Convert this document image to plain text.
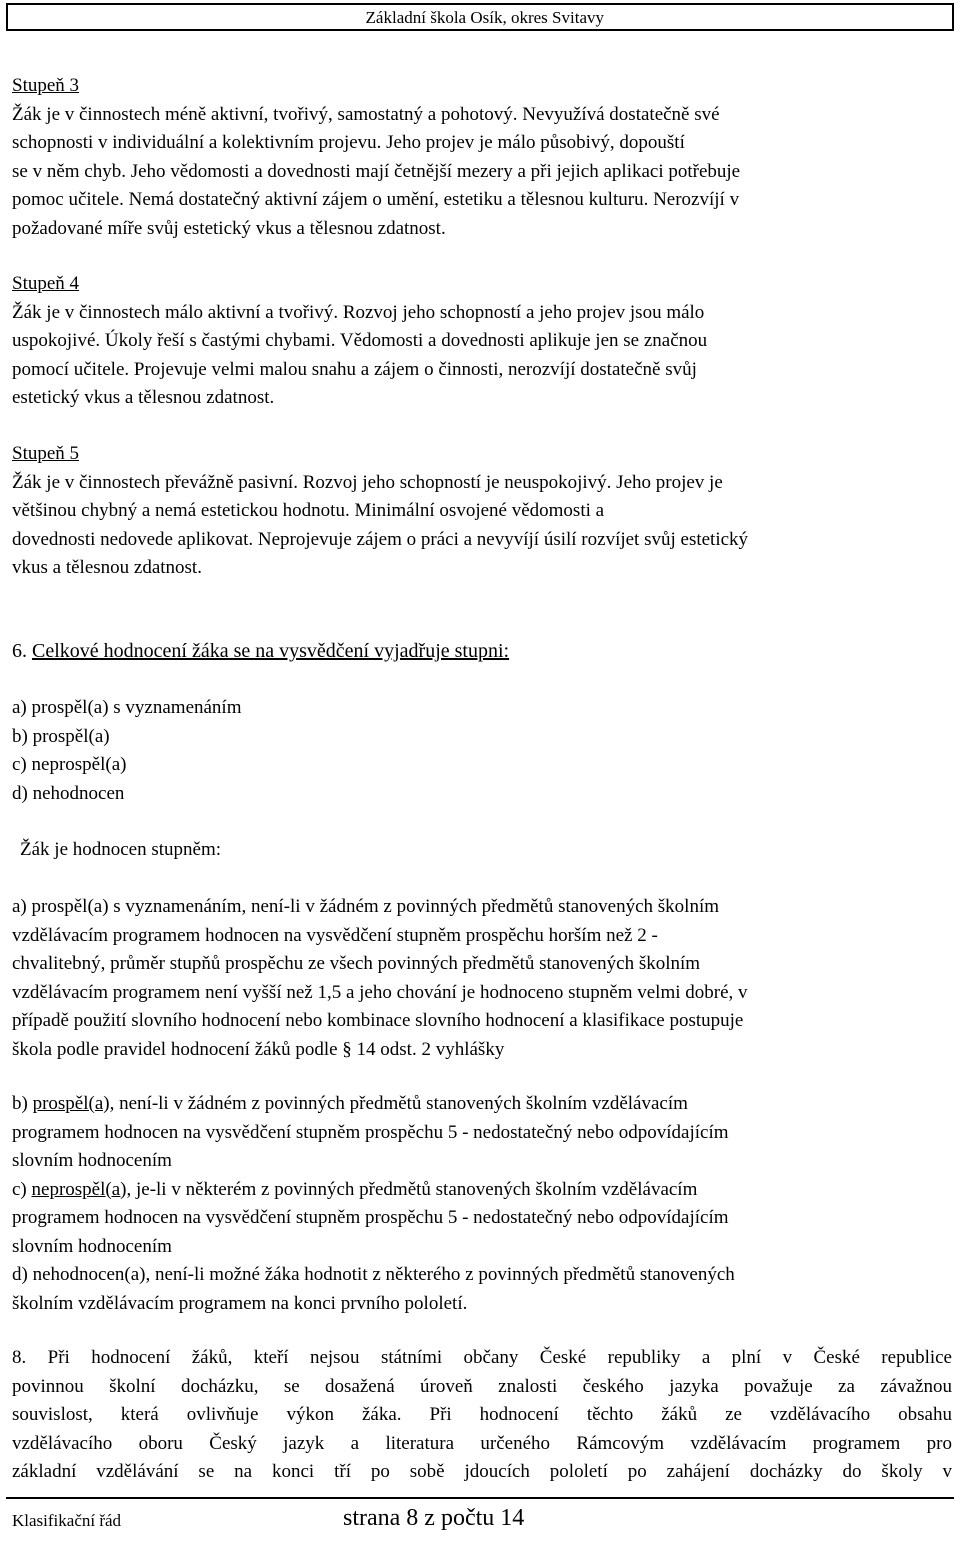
Základní škola Osík, okres Svitavy

Stupeň 3

Žák je v činnostech méně aktivní, tvořivý, samostatný a pohotový. Nevyužívá dostatečně své

schopnosti v individuální a kolektivním projevu. Jeho projev je málo působivý, dopouští

se v něm chyb. Jeho vědomosti a dovednosti mají četnější mezery a při jejich aplikaci potřebuje

pomoc učitele. Nemá dostatečný aktivní zájem o umění, estetiku a tělesnou kulturu. Nerozvíjí v

požadované míře svůj estetický vkus a tělesnou zdatnost.

Stupeň 4

Žák je v činnostech málo aktivní a tvořivý. Rozvoj jeho schopností a jeho projev jsou málo

uspokojivé. Úkoly řeší s častými chybami. Vědomosti a dovednosti aplikuje jen se značnou

pomocí učitele. Projevuje velmi malou snahu a zájem o činnosti, nerozvíjí dostatečně svůj

estetický vkus a tělesnou zdatnost.

Stupeň 5

Žák je v činnostech převážně pasivní. Rozvoj jeho schopností je neuspokojivý. Jeho projev je

většinou chybný a nemá estetickou hodnotu. Minimální osvojené vědomosti a

dovednosti nedovede aplikovat. Neprojevuje zájem o práci a nevyvíjí úsilí rozvíjet svůj estetický

vkus a tělesnou zdatnost.

6. Celkové hodnocení žáka se na vysvědčení vyjadřuje stupni:

a) prospěl(a) s vyznamenáním

b) prospěl(a)

c) neprospěl(a)

d) nehodnocen

Žák je hodnocen stupněm:

a) prospěl(a) s vyznamenáním, není-li v žádném z povinných předmětů stanovených školním

vzdělávacím programem hodnocen na vysvědčení stupněm prospěchu horším než 2 -

chvalitebný, průměr stupňů prospěchu ze všech povinných předmětů stanovených školním

vzdělávacím programem není vyšší než 1,5 a jeho chování je hodnoceno stupněm velmi dobré, v

případě použití slovního hodnocení nebo kombinace slovního hodnocení a klasifikace postupuje

škola podle pravidel hodnocení žáků podle § 14 odst. 2 vyhlášky

b) prospěl(a), není-li v žádném z povinných předmětů stanovených školním vzdělávacím

programem hodnocen na vysvědčení stupněm prospěchu 5 - nedostatečný nebo odpovídajícím

slovním hodnocením

c) neprospěl(a), je-li v některém z povinných předmětů stanovených školním vzdělávacím

programem hodnocen na vysvědčení stupněm prospěchu 5 - nedostatečný nebo odpovídajícím

slovním hodnocením

d) nehodnocen(a), není-li možné žáka hodnotit z některého z povinných předmětů stanovených

školním vzdělávacím programem na konci prvního pololetí.

8. Při hodnocení žáků, kteří nejsou státními občany České republiky a plní v České republice
povinnou školní docházku, se dosažená úroveň znalosti českého jazyka považuje za závažnou
souvislost, která ovlivňuje výkon žáka. Při hodnocení těchto žáků ze vzdělávacího obsahu
vzdělávacího oboru Český jazyk a literatura určeného Rámcovým vzdělávacím programem pro
základní vzdělávání se na konci tří po sobě jdoucích pololetí po zahájení docházky do školy v
Klasifikační řád	strana 8 z počtu 14
